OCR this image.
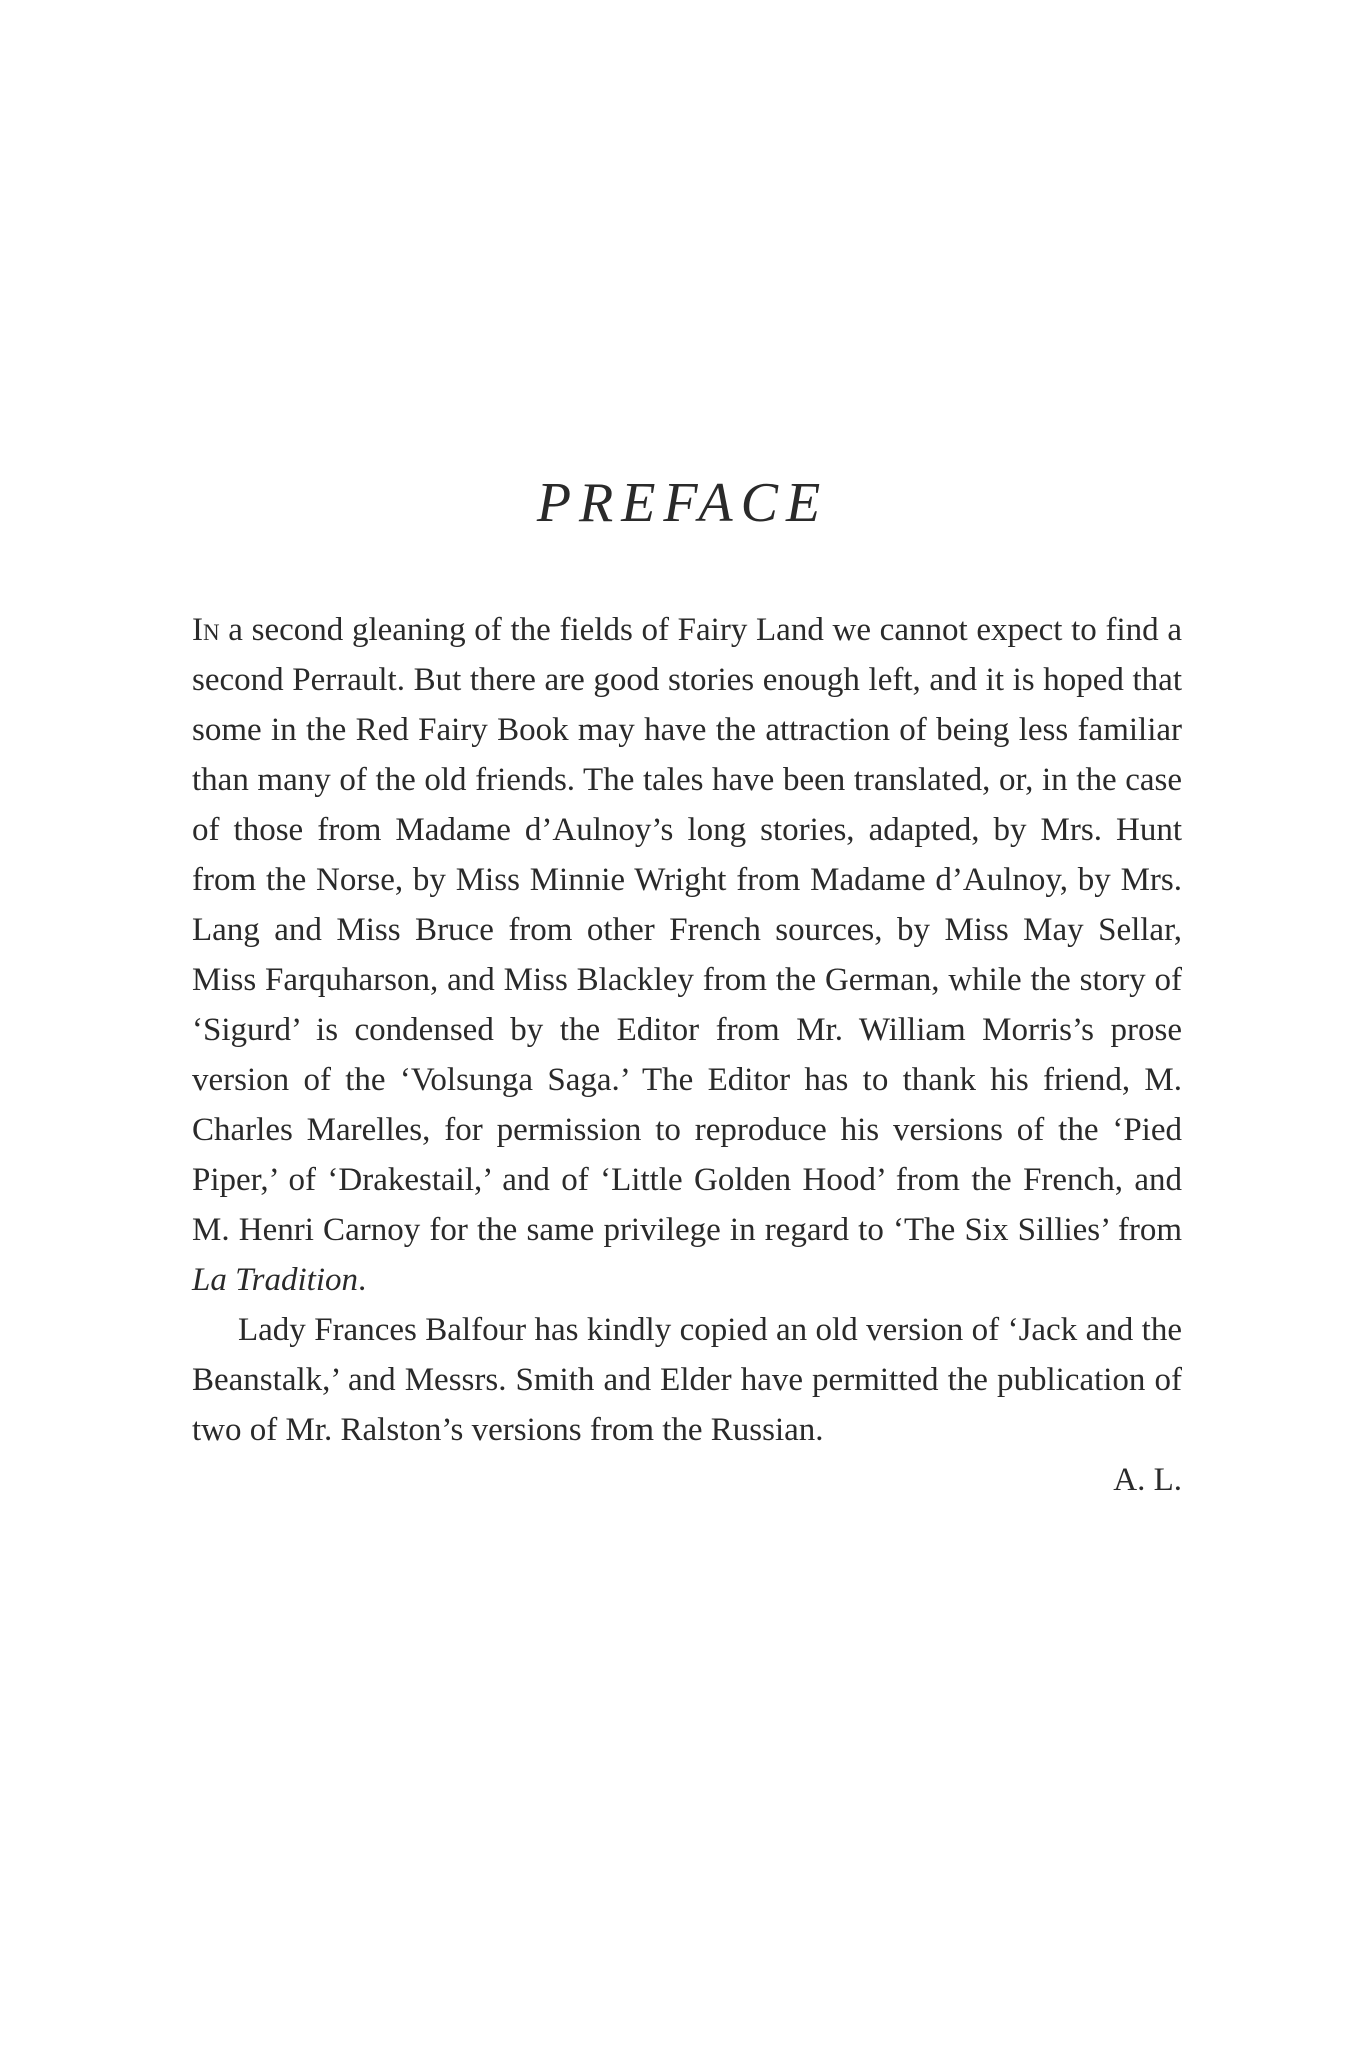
PREFACE

In a second gleaning of the fields of Fairy Land we cannot expect to find a second Perrault. But there are good stories enough left, and it is hoped that some in the Red Fairy Book may have the attraction of being less familiar than many of the old friends. The tales have been translated, or, in the case of those from Madame d’Aulnoy’s long stories, adapted, by Mrs. Hunt from the Norse, by Miss Minnie Wright from Madame d’Aulnoy, by Mrs. Lang and Miss Bruce from other French sources, by Miss May Sellar, Miss Farquharson, and Miss Blackley from the German, while the story of ‘Sigurd’ is condensed by the Editor from Mr. William Morris’s prose version of the ‘Volsunga Saga.’ The Editor has to thank his friend, M. Charles Marelles, for permission to reproduce his versions of the ‘Pied Piper,’ of ‘Drakestail,’ and of ‘Little Golden Hood’ from the French, and M. Henri Carnoy for the same privilege in regard to ‘The Six Sillies’ from La Tradition.

Lady Frances Balfour has kindly copied an old version of ‘Jack and the Beanstalk,’ and Messrs. Smith and Elder have permitted the publication of two of Mr. Ralston’s versions from the Russian.

A. L.
